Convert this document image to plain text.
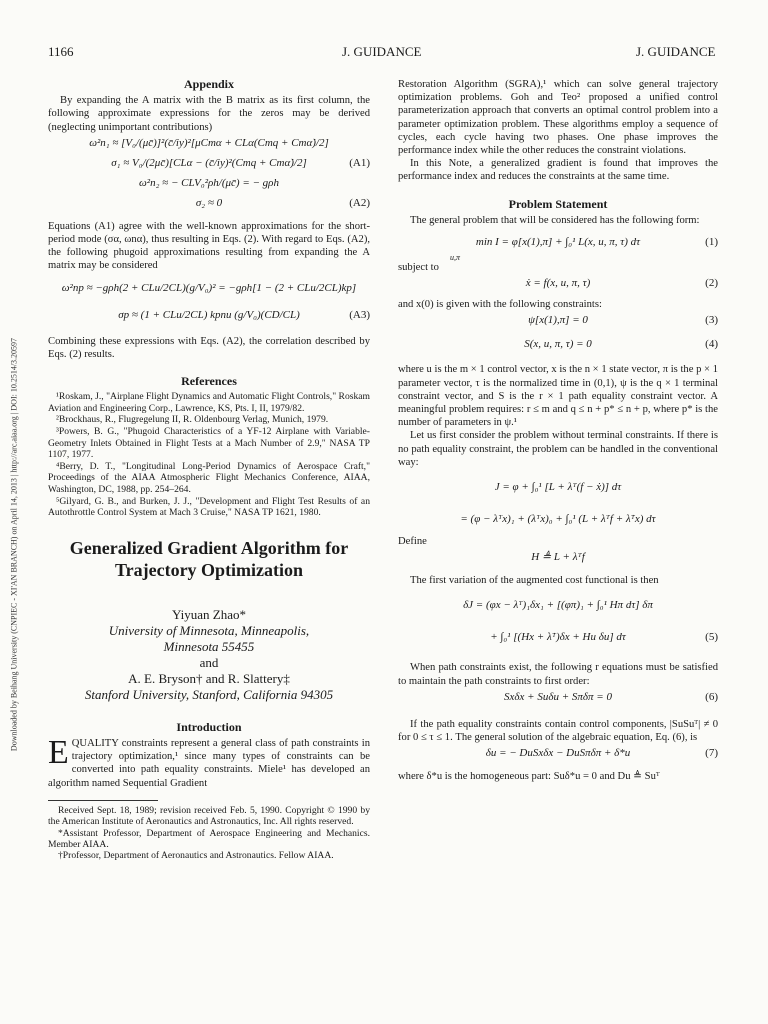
Downloaded by Beihang University (CNPIEC - XI'AN BRANCH) on April 14, 2013 | http://arc.aiaa.org | DOI: 10.2514/3.20597
1166	J. GUIDANCE	J. GUIDANCE
Appendix

By expanding the A matrix with the B matrix as its first column, the following approximate expressions for the zeros may be derived (neglecting unimportant contributions)

ω²n₁ ≈ [V₀/(μc̄)]²(c̄/iy)²[μCmα + CLα(Cmq + Cmα̇)/2]
σ₁ ≈ V₀/(2μc̄)[CLα − (c̄/iy)²(Cmq + Cmα̇)/2]	(A1)
ω²n₂ ≈ − CLV₀²ρh/(μc̄) = − gρh
σ₂ ≈ 0	(A2)

Equations (A1) agree with the well-known approximations for the short-period mode (σα, ωnα), thus resulting in Eqs. (2). With regard to Eqs. (A2), the following phugoid approximations resulting from expanding the A matrix may be considered

ω²np ≈ −gρh(2 + CLu/2CL)(g/V₀)² = −gρh[1 − (2 + CLu/2CL)kp]
σp ≈ (1 + CLu/2CL) kpnu (g/V₀)(CD/CL)	(A3)

Combining these expressions with Eqs. (A2), the correlation described by Eqs. (2) results.

References

¹Roskam, J., "Airplane Flight Dynamics and Automatic Flight Controls," Roskam Aviation and Engineering Corp., Lawrence, KS, Pts. I, II, 1979/82.

²Brockhaus, R., Flugregelung II, R. Oldenbourg Verlag, Munich, 1979.

³Powers, B. G., "Phugoid Characteristics of a YF-12 Airplane with Variable-Geometry Inlets Obtained in Flight Tests at a Mach Number of 2.9," NASA TP 1107, 1977.

⁴Berry, D. T., "Longitudinal Long-Period Dynamics of Aerospace Craft," Proceedings of the AIAA Atmospheric Flight Mechanics Conference, AIAA, Washington, DC, 1988, pp. 254–264.

⁵Gilyard, G. B., and Burken, J. J., "Development and Flight Test Results of an Autothrottle Control System at Mach 3 Cruise," NASA TP 1621, 1980.

Generalized Gradient Algorithm for Trajectory Optimization
Yiyuan Zhao*
University of Minnesota, Minneapolis,
Minnesota 55455
and
A. E. Bryson† and R. Slattery‡
Stanford University, Stanford, California 94305
Introduction

EQUALITY constraints represent a general class of path constraints in trajectory optimization,¹ since many types of constraints can be converted into path equality constraints. Miele¹ has developed an algorithm named Sequential Gradient

Received Sept. 18, 1989; revision received Feb. 5, 1990. Copyright © 1990 by the American Institute of Aeronautics and Astronautics, Inc. All rights reserved.

*Assistant Professor, Department of Aerospace Engineering and Mechanics. Member AIAA.

†Professor, Department of Aeronautics and Astronautics. Fellow AIAA.

Restoration Algorithm (SGRA),¹ which can solve general trajectory optimization problems. Goh and Teo² proposed a unified control parameterization approach that converts an optimal control problem into a parameter optimization problem. These algorithms employ a sequence of cycles, each cycle having two phases. One phase improves the performance index while the other reduces the constraint violations.

In this Note, a generalized gradient is found that improves the performance index and reduces the constraints at the same time.

Problem Statement

The general problem that will be considered has the following form:

min I = φ[x(1),π] + ∫₀¹ L(x, u, π, τ) dτ
u,π
(1)

subject to

ẋ = f(x, u, π, τ)	(2)

and x(0) is given with the following constraints:

ψ[x(1),π] = 0	(3)
S(x, u, π, τ) = 0	(4)

where u is the m × 1 control vector, x is the n × 1 state vector, π is the p × 1 parameter vector, τ is the normalized time in (0,1), ψ is the q × 1 terminal constraint vector, and S is the r × 1 path equality constraint vector. A meaningful problem requires: r ≤ m and q ≤ n + p* ≤ n + p, where p* is the number of parameters in ψ.¹

Let us first consider the problem without terminal constraints. If there is no path equality constraint, the problem can be handled in the conventional way:

J = φ + ∫₀¹ [L + λᵀ(f − ẋ)] dτ
= (φ − λᵀx)₁ + (λᵀx)₀ + ∫₀¹ (L + λᵀf + λ̇ᵀx) dτ

Define

H ≜ L + λᵀf

The first variation of the augmented cost functional is then

δJ = (φx − λᵀ)₁δx₁ + [(φπ)₁ + ∫₀¹ Hπ dτ] δπ
+ ∫₀¹ [(Hx + λ̇ᵀ)δx + Hu δu] dτ	(5)

When path constraints exist, the following r equations must be satisfied to maintain the path constraints to first order:

Sxδx + Suδu + Sπδπ = 0	(6)

If the path equality constraints contain control components, |SuSuᵀ| ≠ 0 for 0 ≤ τ ≤ 1. The general solution of the algebraic equation, Eq. (6), is

δu = − DuSxδx − DuSπδπ + δ*u	(7)

where δ*u is the homogeneous part: Suδ*u = 0 and Du ≜ Suᵀ
